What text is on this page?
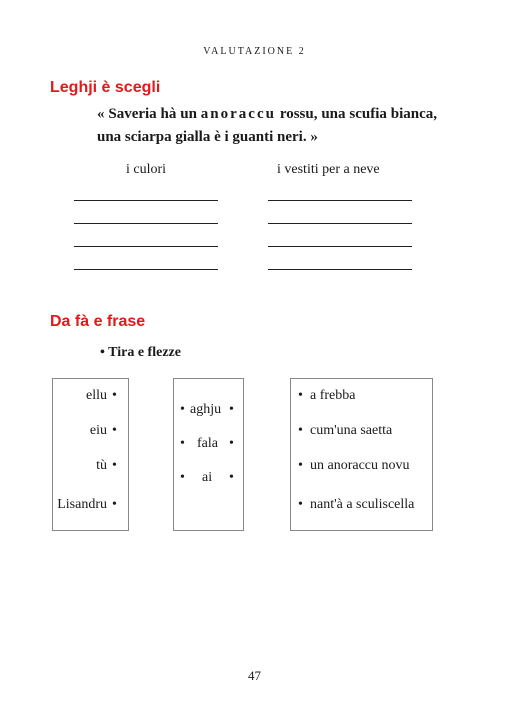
VALUTAZIONE 2
Leghji è scegli
« Saveria hà un anoraccu rossu, una scufia bianca, una sciarpa gialla è i guanti neri. »
i culori	i vestiti per a neve
Da fà e frase
• Tira e flezze
ellu •
eiu •
tù •
Lisandru •
• aghju •
• fala •
• ai •
• a frebba
• cum'una saetta
• un anoraccu novu
• nant'à a sculiscella
47
